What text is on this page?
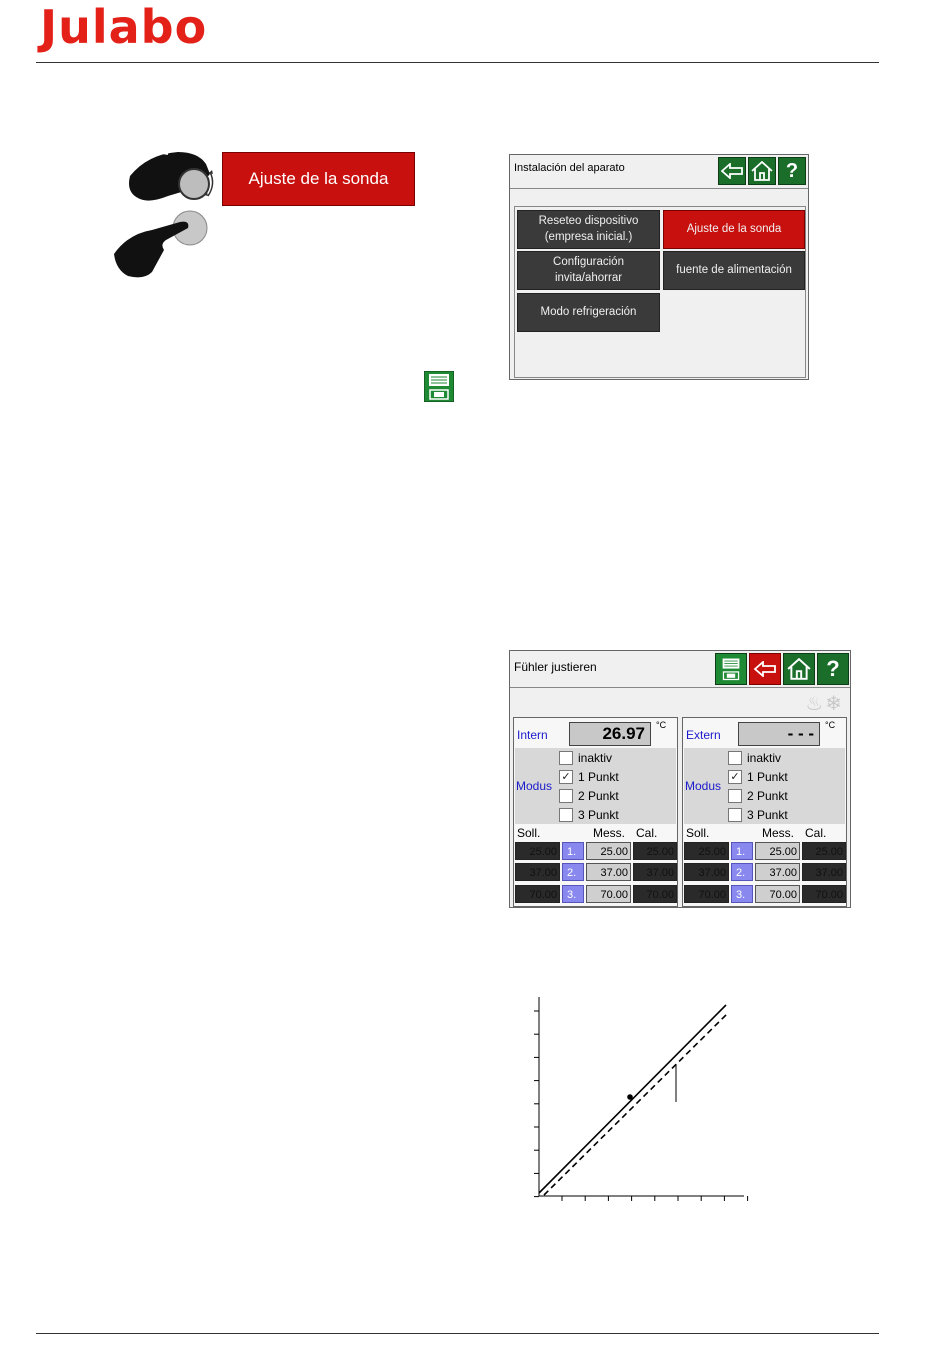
Julabo
Ajuste de la sonda
Instalación del aparato	?
Reseteo dispositivo (empresa inicial.)
Ajuste de la sonda
Configuración invita/ahorrar
fuente de alimentación
Modo refrigeración
Fühler justieren	?
♨❄
Intern	26.97	°C
Modus
inaktiv
✓ 1 Punkt
2 Punkt
3 Punkt
Soll.	Mess. Cal.
25.00 1.	25.00	25.00
37.00 2.	37.00	37.00
70.00 3.	70.00	70.00
Extern	- - -	°C
Modus
inaktiv
✓ 1 Punkt
2 Punkt
3 Punkt
Soll.	Mess. Cal.
25.00 1.	25.00	25.00
37.00 2.	37.00	37.00
70.00 3.	70.00	70.00
